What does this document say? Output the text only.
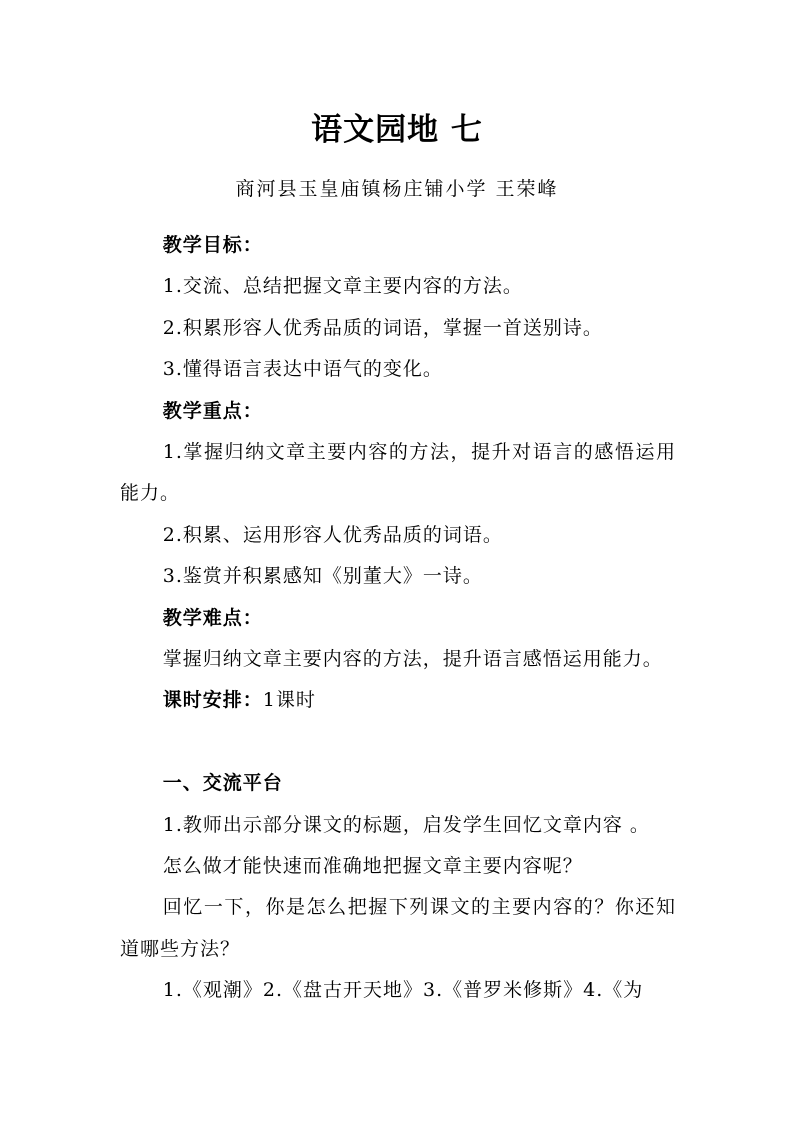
语文园地 七
商河县玉皇庙镇杨庄铺小学 王荣峰

教学目标：

1.交流、总结把握文章主要内容的方法。

2.积累形容人优秀品质的词语，掌握一首送别诗。

3.懂得语言表达中语气的变化。

教学重点：

1.掌握归纳文章主要内容的方法，提升对语言的感悟运用能力。

2.积累、运用形容人优秀品质的词语。

3.鉴赏并积累感知《别董大》一诗。

教学难点：

掌握归纳文章主要内容的方法，提升语言感悟运用能力。

课时安排：1课时

一、交流平台

1.教师出示部分课文的标题，启发学生回忆文章内容 。

怎么做才能快速而准确地把握文章主要内容呢？

回忆一下，你是怎么把握下列课文的主要内容的？你还知道哪些方法？

1.《观潮》2.《盘古开天地》3.《普罗米修斯》4.《为
